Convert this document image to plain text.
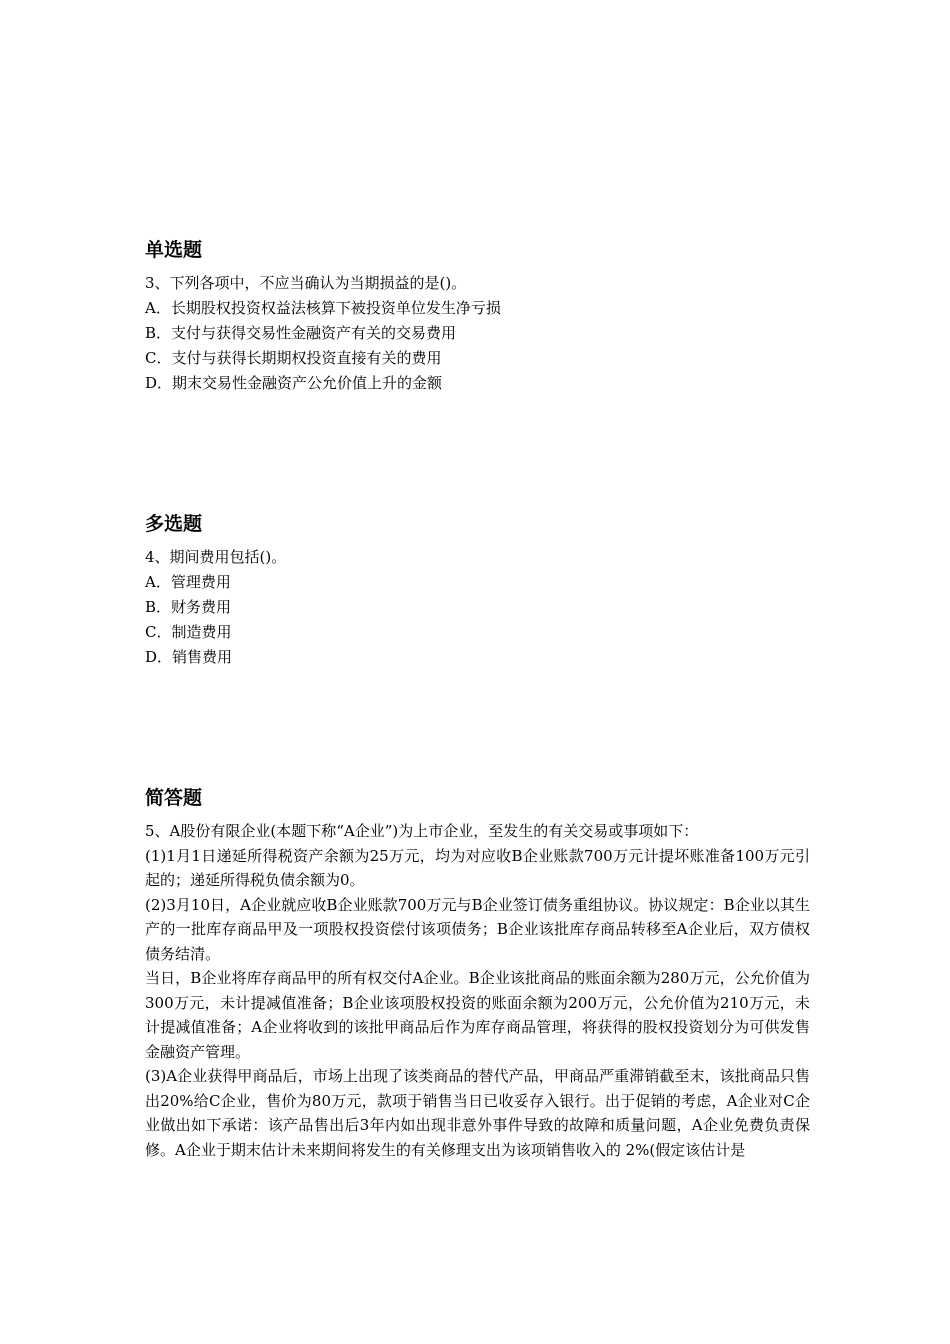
单选题
3、下列各项中，不应当确认为当期损益的是()。
A．长期股权投资权益法核算下被投资单位发生净亏损
B．支付与获得交易性金融资产有关的交易费用
C．支付与获得长期期权投资直接有关的费用
D．期末交易性金融资产公允价值上升的金额
多选题
4、期间费用包括()。
A．管理费用
B．财务费用
C．制造费用
D．销售费用
简答题

5、A股份有限企业(本题下称“A企业”)为上市企业，至发生的有关交易或事项如下：

(1)1月1日递延所得税资产余额为25万元，均为对应收B企业账款700万元计提坏账准备100万元引起的；递延所得税负债余额为0。

(2)3月10日，A企业就应收B企业账款700万元与B企业签订债务重组协议。协议规定：B企业以其生产的一批库存商品甲及一项股权投资偿付该项债务；B企业该批库存商品转移至A企业后，双方债权债务结清。

当日，B企业将库存商品甲的所有权交付A企业。B企业该批商品的账面余额为280万元，公允价值为300万元，未计提减值准备；B企业该项股权投资的账面余额为200万元，公允价值为210万元，未计提减值准备；A企业将收到的该批甲商品后作为库存商品管理，将获得的股权投资划分为可供发售金融资产管理。

(3)A企业获得甲商品后，市场上出现了该类商品的替代产品，甲商品严重滞销截至末，该批商品只售出20%给C企业，售价为80万元，款项于销售当日已收妥存入银行。出于促销的考虑，A企业对C企业做出如下承诺：该产品售出后3年内如出现非意外事件导致的故障和质量问题，A企业免费负责保修。A企业于期末估计未来期间将发生的有关修理支出为该项销售收入的 2%(假定该估计是
